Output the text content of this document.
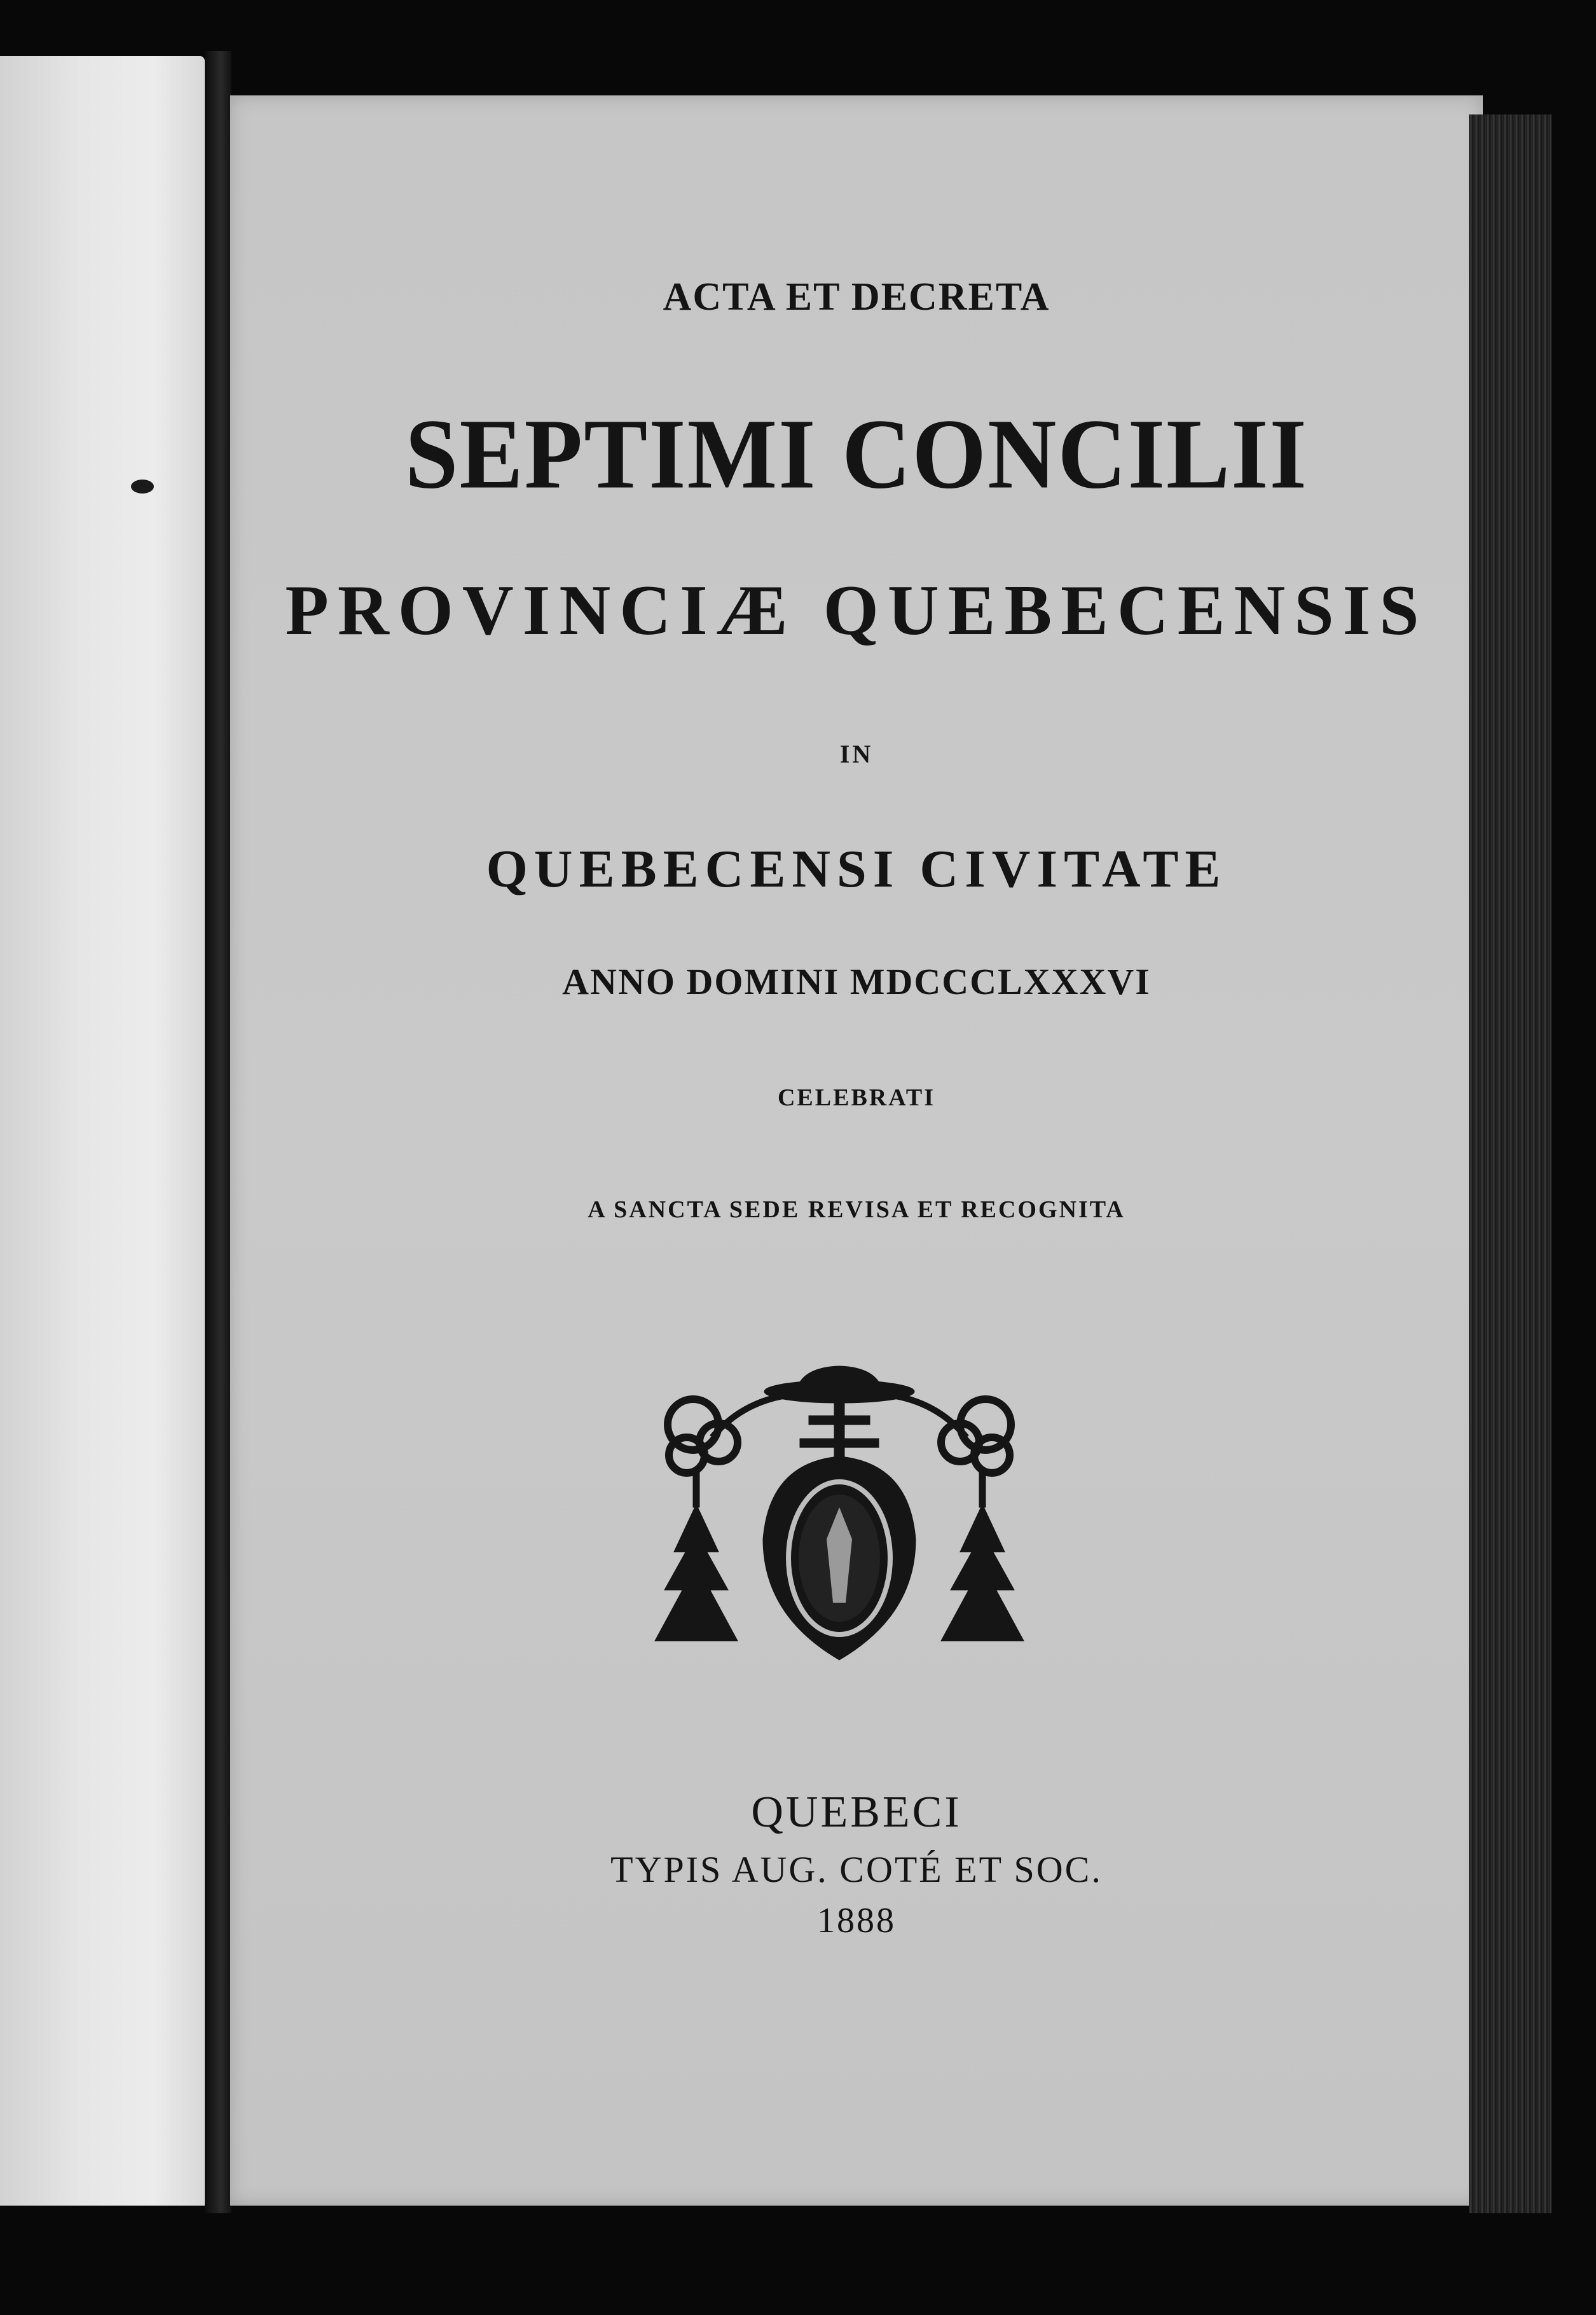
ACTA ET DECRETA

SEPTIMI CONCILII

PROVINCIÆ QUEBECENSIS

IN

QUEBECENSI CIVITATE

ANNO DOMINI MDCCCLXXXVI

CELEBRATI

A SANCTA SEDE REVISA ET RECOGNITA

QUEBECI

TYPIS AUG. COTÉ ET SOC.

1888
